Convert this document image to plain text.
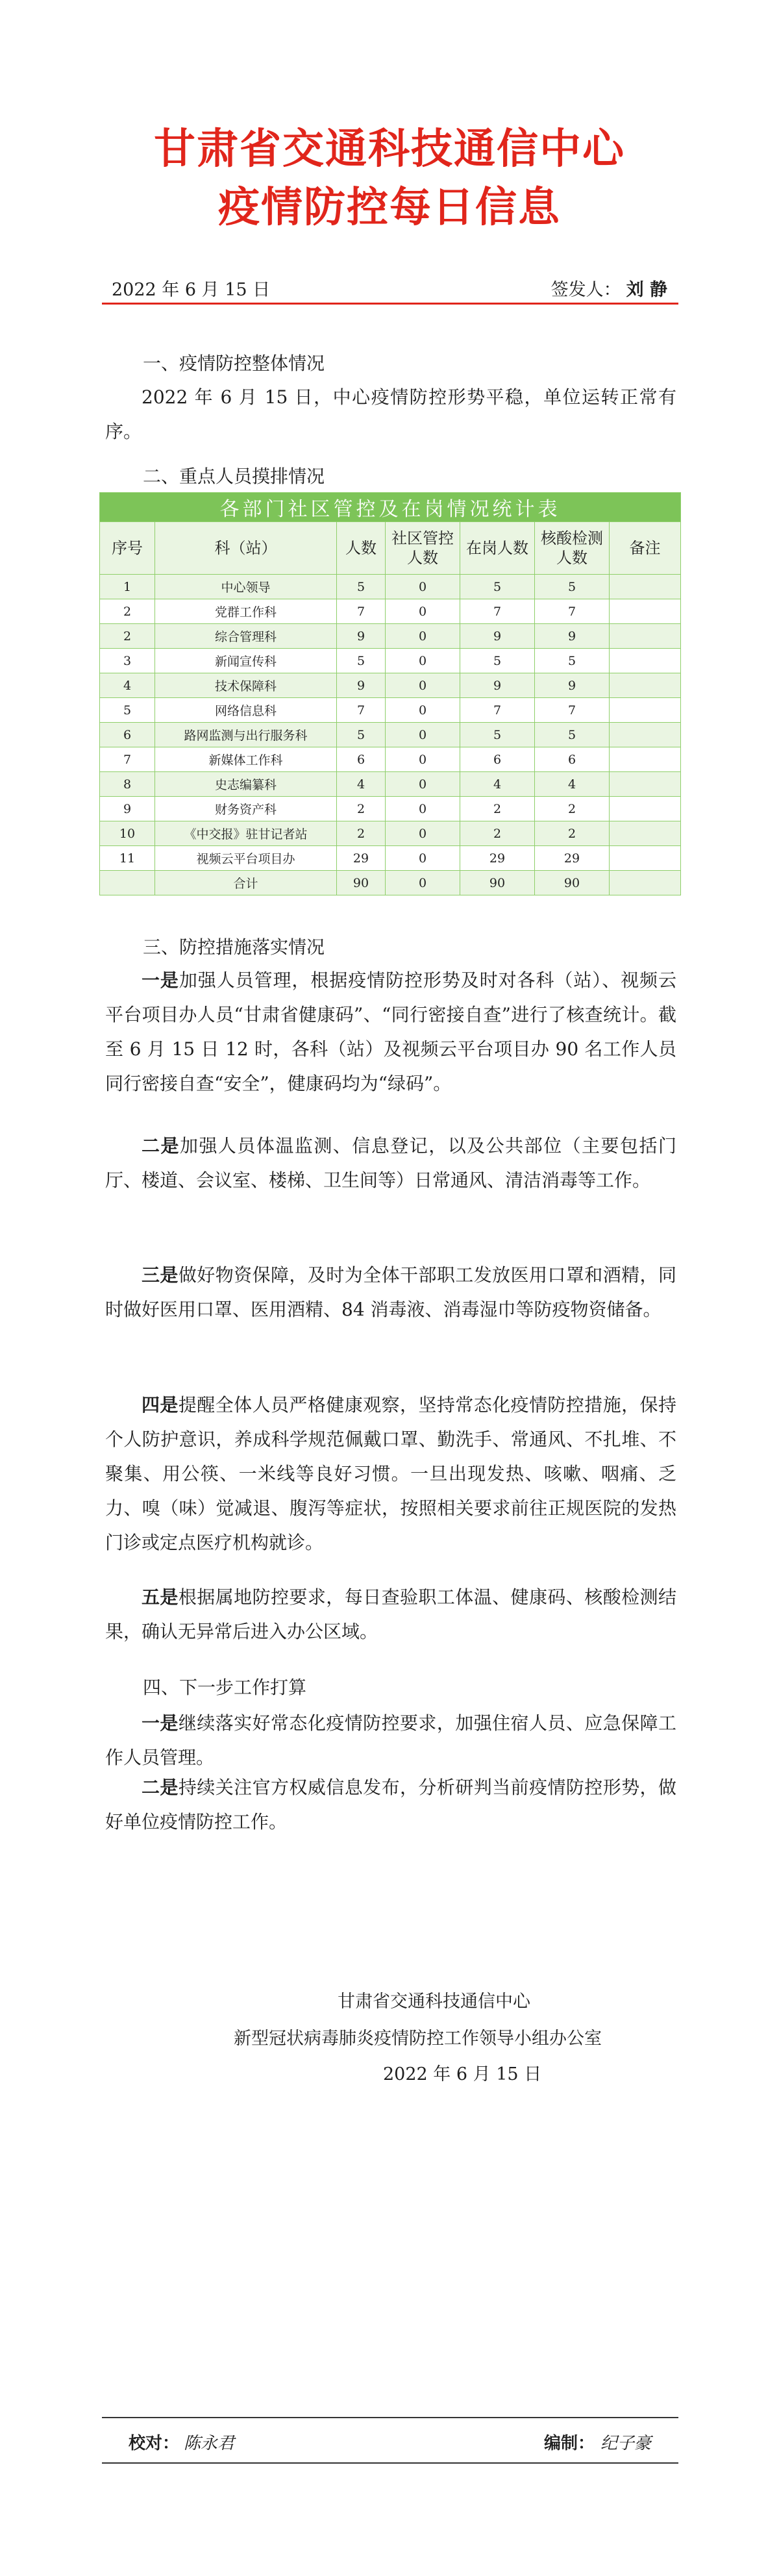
甘肃省交通科技通信中心
疫情防控每日信息
2022 年 6 月 15 日	签发人： 刘 静
一、疫情防控整体情况

2022 年 6 月 15 日，中心疫情防控形势平稳，单位运转正常有序。

二、重点人员摸排情况
各部门社区管控及在岗情况统计表						
序号	科（站）	人数	社区管控人数	在岗人数	核酸检测人数	备注
1	中心领导	5	0	5	5	
2	党群工作科	7	0	7	7	
2	综合管理科	9	0	9	9	
3	新闻宣传科	5	0	5	5	
4	技术保障科	9	0	9	9	
5	网络信息科	7	0	7	7	
6	路网监测与出行服务科	5	0	5	5	
7	新媒体工作科	6	0	6	6	
8	史志编纂科	4	0	4	4	
9	财务资产科	2	0	2	2	
10	《中交报》驻甘记者站	2	0	2	2	
11	视频云平台项目办	29	0	29	29	
	合计	90	0	90	90	
三、防控措施落实情况

一是加强人员管理，根据疫情防控形势及时对各科（站）、视频云平台项目办人员“甘肃省健康码”、“同行密接自查”进行了核查统计。截至 6 月 15 日 12 时，各科（站）及视频云平台项目办 90 名工作人员同行密接自查“安全”，健康码均为“绿码”。

二是加强人员体温监测、信息登记，以及公共部位（主要包括门厅、楼道、会议室、楼梯、卫生间等）日常通风、清洁消毒等工作。

三是做好物资保障，及时为全体干部职工发放医用口罩和酒精，同时做好医用口罩、医用酒精、84 消毒液、消毒湿巾等防疫物资储备。

四是提醒全体人员严格健康观察，坚持常态化疫情防控措施，保持个人防护意识，养成科学规范佩戴口罩、勤洗手、常通风、不扎堆、不聚集、用公筷、一米线等良好习惯。一旦出现发热、咳嗽、咽痛、乏力、嗅（味）觉减退、腹泻等症状，按照相关要求前往正规医院的发热门诊或定点医疗机构就诊。

五是根据属地防控要求，每日查验职工体温、健康码、核酸检测结果，确认无异常后进入办公区域。

四、下一步工作打算

一是继续落实好常态化疫情防控要求，加强住宿人员、应急保障工作人员管理。

二是持续关注官方权威信息发布，分析研判当前疫情防控形势，做好单位疫情防控工作。

甘肃省交通科技通信中心

新型冠状病毒肺炎疫情防控工作领导小组办公室

2022 年 6 月 15 日

校对： 陈永君	编制： 纪子豪
